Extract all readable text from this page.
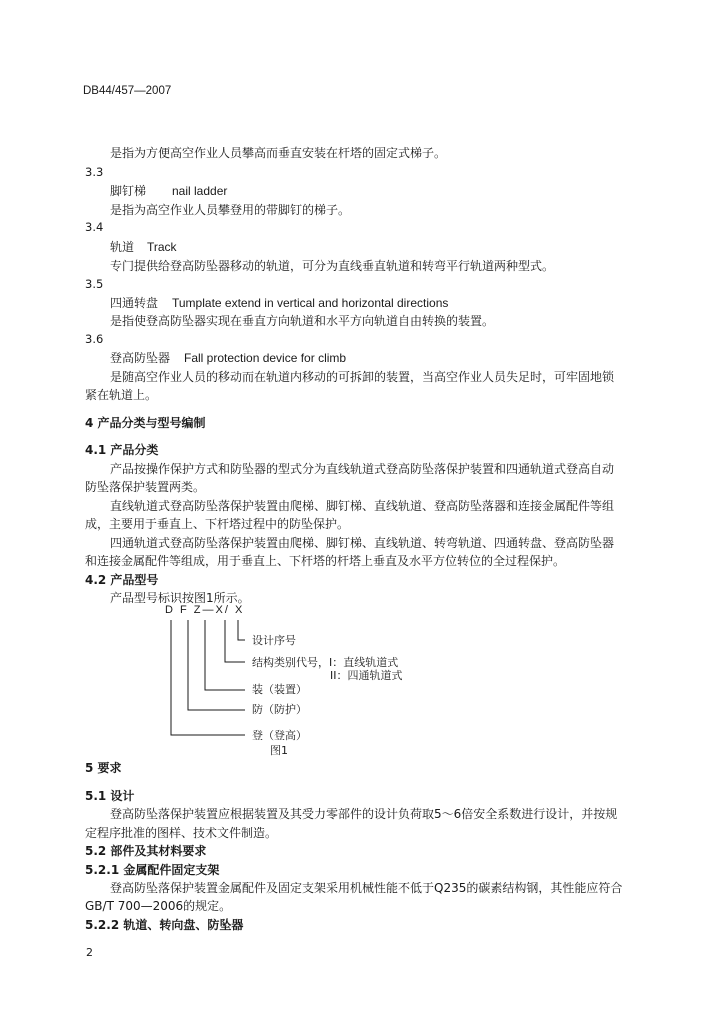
DB44/457—2007
是指为方便高空作业人员攀高而垂直安装在杆塔的固定式梯子。
3.3
脚钉梯 nail ladder
是指为高空作业人员攀登用的带脚钉的梯子。
3.4
轨道 Track
专门提供给登高防坠器移动的轨道，可分为直线垂直轨道和转弯平行轨道两种型式。
3.5
四通转盘 Tumplate extend in vertical and horizontal directions
是指使登高防坠器实现在垂直方向轨道和水平方向轨道自由转换的装置。
3.6
登高防坠器 Fall protection device for climb
是随高空作业人员的移动而在轨道内移动的可拆卸的装置，当高空作业人员失足时，可牢固地锁
紧在轨道上。
4 产品分类与型号编制
4.1 产品分类
产品按操作保护方式和防坠器的型式分为直线轨道式登高防坠落保护装置和四通轨道式登高自动
防坠落保护装置两类。
直线轨道式登高防坠落保护装置由爬梯、脚钉梯、直线轨道、登高防坠落器和连接金属配件等组
成，主要用于垂直上、下杆塔过程中的防坠保护。
四通轨道式登高防坠落保护装置由爬梯、脚钉梯、直线轨道、转弯轨道、四通转盘、登高防坠器
和连接金属配件等组成，用于垂直上、下杆塔的杆塔上垂直及水平方位转位的全过程保护。
4.2 产品型号
产品型号标识按图1所示。
D F Z—X/ X
设计序号
结构类别代号，I：直线轨道式
II：四通轨道式
装（装置）
防（防护）
登（登高）
图1
5 要求
5.1 设计
登高防坠落保护装置应根据装置及其受力零部件的设计负荷取5～6倍安全系数进行设计，并按规
定程序批准的图样、技术文件制造。
5.2 部件及其材料要求
5.2.1 金属配件固定支架
登高防坠落保护装置金属配件及固定支架采用机械性能不低于Q235的碳素结构钢，其性能应符合
GB/T 700—2006的规定。
5.2.2 轨道、转向盘、防坠器
2
